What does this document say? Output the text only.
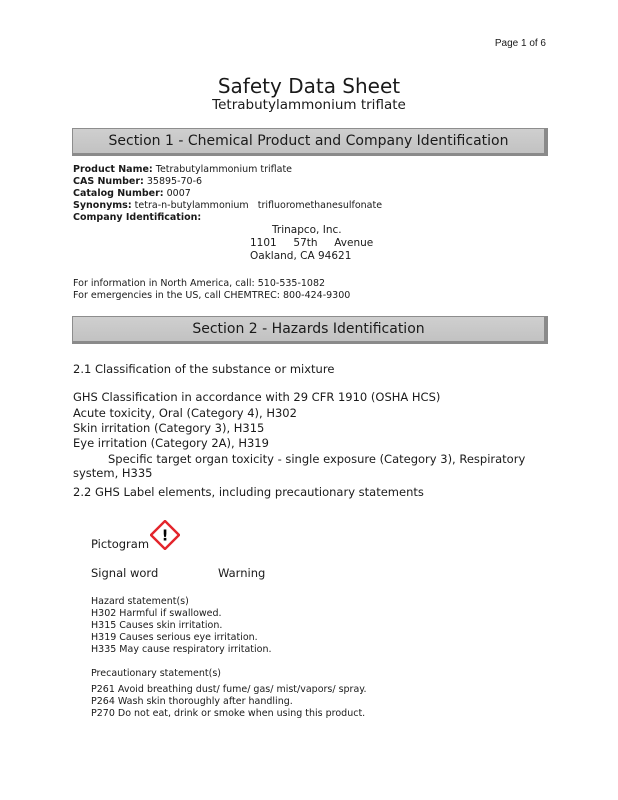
Page 1 of 6
Safety Data Sheet
Tetrabutylammonium triflate
Section 1 - Chemical Product and Company Identification
Product Name: Tetrabutylammonium triflate
CAS Number: 35895-70-6
Catalog Number: 0007
Synonyms: tetra-n-butylammonium   trifluoromethanesulfonate
Company Identification:
Trinapco, Inc.
1101     57th     Avenue
Oakland, CA 94621
For information in North America, call: 510-535-1082
For emergencies in the US, call CHEMTREC: 800-424-9300
Section 2 - Hazards Identification
2.1 Classification of the substance or mixture
GHS Classification in accordance with 29 CFR 1910 (OSHA HCS)
Acute toxicity, Oral (Category 4), H302
Skin irritation (Category 3), H315
Eye irritation (Category 2A), H319
Specific target organ toxicity - single exposure (Category 3), Respiratory
system, H335
2.2 GHS Label elements, including precautionary statements
Pictogram !
Signal word	Warning
Hazard statement(s)
H302 Harmful if swallowed.
H315 Causes skin irritation.
H319 Causes serious eye irritation.
H335 May cause respiratory irritation.
Precautionary statement(s)
P261 Avoid breathing dust/ fume/ gas/ mist/vapors/ spray.
P264 Wash skin thoroughly after handling.
P270 Do not eat, drink or smoke when using this product.
